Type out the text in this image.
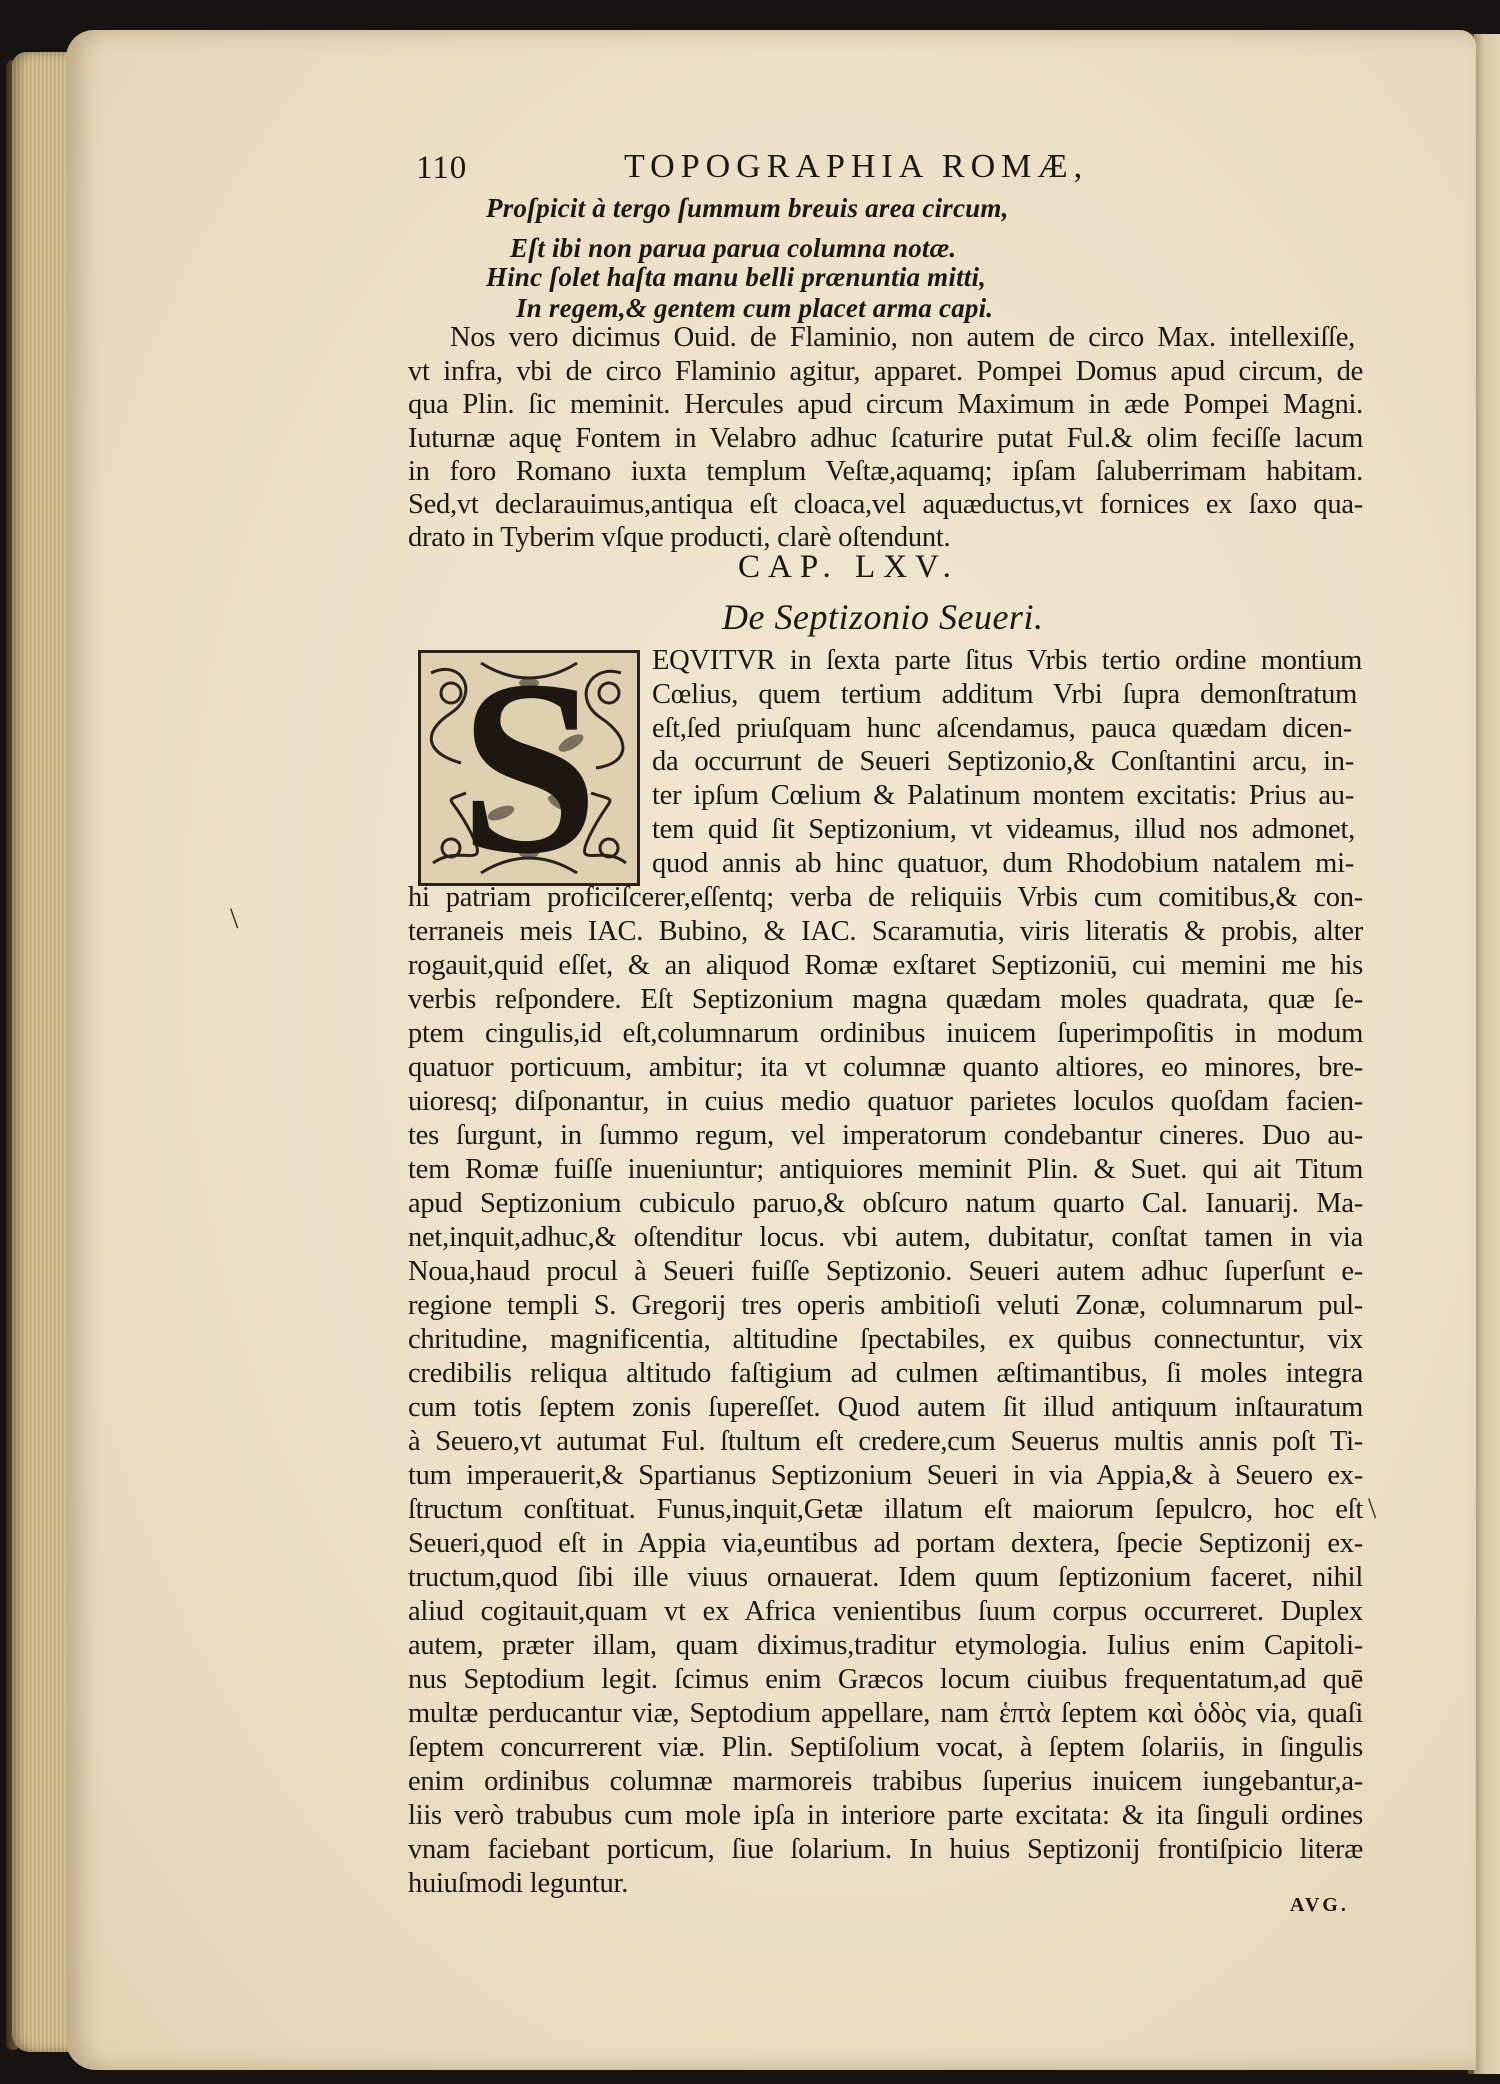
110	TOPOGRAPHIA ROMÆ,
Proſpicit à tergo ſummum breuis area circum,
Eſt ibi non parua parua columna notæ.
Hinc ſolet haſta manu belli prænuntia mitti,
In regem,& gentem cum placet arma capi.
Nos vero dicimus Ouid. de Flaminio, non autem de circo Max. intellexiſſe,
vt infra, vbi de circo Flaminio agitur, apparet. Pompei Domus apud circum, de
qua Plin. ſic meminit. Hercules apud circum Maximum in æde Pompei Magni.
Iuturnæ aquę Fontem in Velabro adhuc ſcaturire putat Ful.& olim feciſſe lacum
in foro Romano iuxta templum Veſtæ,aquamq; ipſam ſaluberrimam habitam.
Sed,vt declarauimus,antiqua eſt cloaca,vel aquæductus,vt fornices ex ſaxo qua-
drato in Tyberim vſque producti, clarè oſtendunt.
CAP. LXV.
De Septizonio Seueri.
S	EQVITVR in ſexta parte ſitus Vrbis tertio ordine montium
Cœlius, quem tertium additum Vrbi ſupra demonſtratum
eſt,ſed priuſquam hunc aſcendamus, pauca quædam dicen-
da occurrunt de Seueri Septizonio,& Conſtantini arcu, in-
ter ipſum Cœlium & Palatinum montem excitatis: Prius au-
tem quid ſit Septizonium, vt videamus, illud nos admonet,
quod annis ab hinc quatuor, dum Rhodobium natalem mi-
hi patriam proficiſcerer,eſſentq; verba de reliquiis Vrbis cum comitibus,& con-
terraneis meis IAC. Bubino, & IAC. Scaramutia, viris literatis & probis, alter
rogauit,quid eſſet, & an aliquod Romæ exſtaret Septizoniū, cui memini me his
verbis reſpondere. Eſt Septizonium magna quædam moles quadrata, quæ ſe-
ptem cingulis,id eſt,columnarum ordinibus inuicem ſuperimpoſitis in modum
quatuor porticuum, ambitur; ita vt columnæ quanto altiores, eo minores, bre-
uioresq; diſponantur, in cuius medio quatuor parietes loculos quoſdam facien-
tes ſurgunt, in ſummo regum, vel imperatorum condebantur cineres. Duo au-
tem Romæ fuiſſe inueniuntur; antiquiores meminit Plin. & Suet. qui ait Titum
apud Septizonium cubiculo paruo,& obſcuro natum quarto Cal. Ianuarij. Ma-
net,inquit,adhuc,& oſtenditur locus. vbi autem, dubitatur, conſtat tamen in via
Noua,haud procul à Seueri fuiſſe Septizonio. Seueri autem adhuc ſuperſunt e-
regione templi S. Gregorij tres operis ambitioſi veluti Zonæ, columnarum pul-
chritudine, magnificentia, altitudine ſpectabiles, ex quibus connectuntur, vix
credibilis reliqua altitudo faſtigium ad culmen æſtimantibus, ſi moles integra
cum totis ſeptem zonis ſupereſſet. Quod autem ſit illud antiquum inſtauratum
à Seuero,vt autumat Ful. ſtultum eſt credere,cum Seuerus multis annis poſt Ti-
tum imperauerit,& Spartianus Septizonium Seueri in via Appia,& à Seuero ex-
ſtructum conſtituat. Funus,inquit,Getæ illatum eſt maiorum ſepulcro, hoc eſt
Seueri,quod eſt in Appia via,euntibus ad portam dextera, ſpecie Septizonij ex-
tructum,quod ſibi ille viuus ornauerat. Idem quum ſeptizonium faceret, nihil
aliud cogitauit,quam vt ex Africa venientibus ſuum corpus occurreret. Duplex
autem, præter illam, quam diximus,traditur etymologia. Iulius enim Capitoli-
nus Septodium legit. ſcimus enim Græcos locum ciuibus frequentatum,ad quē
multæ perducantur viæ, Septodium appellare, nam ἑπτὰ ſeptem καὶ ὁδὸς via, quaſi
ſeptem concurrerent viæ. Plin. Septiſolium vocat, à ſeptem ſolariis, in ſingulis
enim ordinibus columnæ marmoreis trabibus ſuperius inuicem iungebantur,a-
liis verò trabubus cum mole ipſa in interiore parte excitata: & ita ſinguli ordines
vnam faciebant porticum, ſiue ſolarium. In huius Septizonij frontiſpicio literæ
huiuſmodi leguntur.
AVG.
\
\
